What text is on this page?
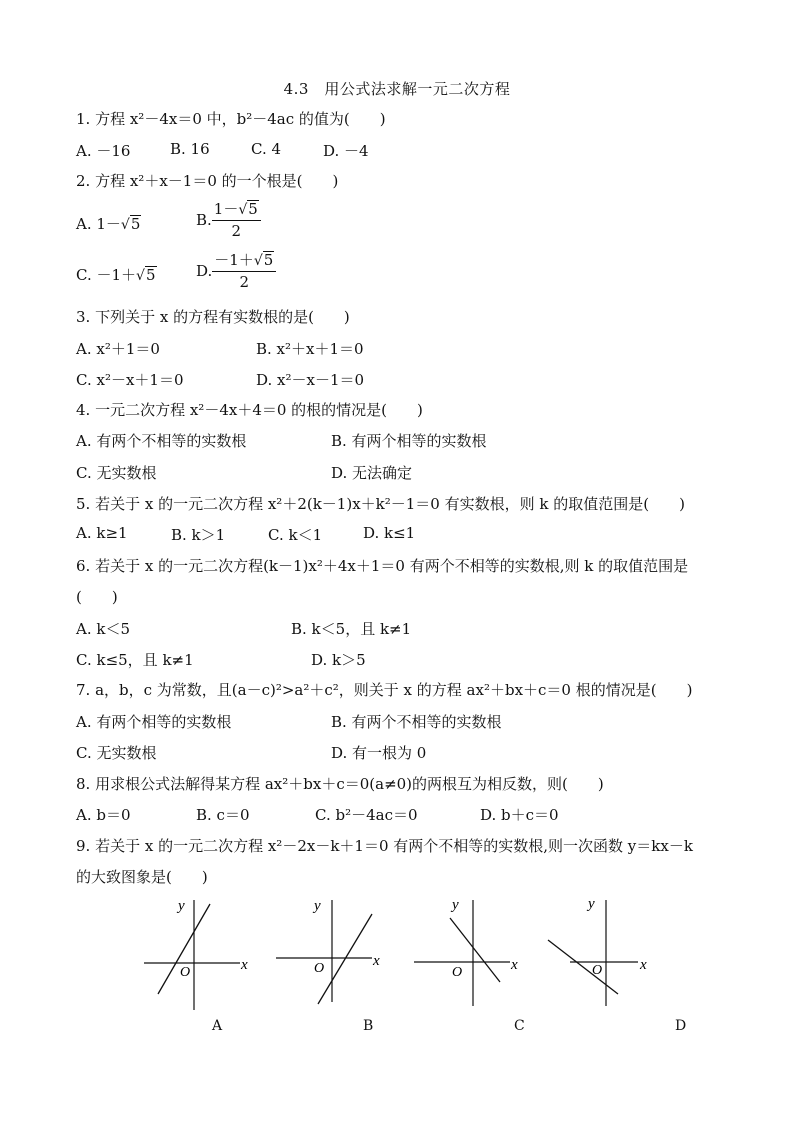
4.3　用公式法求解一元二次方程
1. 方程 x²－4x＝0 中，b²－4ac 的值为(　　)
A. －16	B. 16	C. 4	D. －4
2. 方程 x²＋x－1＝0 的一个根是(　　)
A. 1－√5	B. $\frac{1-√5}{2}$
C. －1＋√5	D. $\frac{-1+√5}{2}$
3. 下列关于 x 的方程有实数根的是(　　)
A. x²＋1＝0	B. x²＋x＋1＝0
C. x²－x＋1＝0	D. x²－x－1＝0
4. 一元二次方程 x²－4x＋4＝0 的根的情况是(　　)
A. 有两个不相等的实数根	B. 有两个相等的实数根
C. 无实数根	D. 无法确定
5. 若关于 x 的一元二次方程 x²＋2(k－1)x＋k²－1＝0 有实数根，则 k 的取值范围是(　　)
A. k≥1	B. k＞1	C. k＜1	D. k≤1
6. 若关于 x 的一元二次方程(k－1)x²＋4x＋1＝0 有两个不相等的实数根,则 k 的取值范围是
(　　)
A. k＜5	B. k＜5，且 k≠1
C. k≤5，且 k≠1	D. k＞5
7. a，b，c 为常数，且(a－c)²>a²＋c²，则关于 x 的方程 ax²＋bx＋c＝0 根的情况是(　　)
A. 有两个相等的实数根	B. 有两个不相等的实数根
C. 无实数根	D. 有一根为 0
8. 用求根公式法解得某方程 ax²＋bx＋c＝0(a≠0)的两根互为相反数，则(　　)
A. b＝0	B. c＝0	C. b²－4ac＝0	D. b＋c＝0
9. 若关于 x 的一元二次方程 x²－2x－k＋1＝0 有两个不相等的实数根,则一次函数 y＝kx－k
的大致图象是(　　)
y
x
O
A
y
x
O
B
y
x
O
C
y
x
O
D
